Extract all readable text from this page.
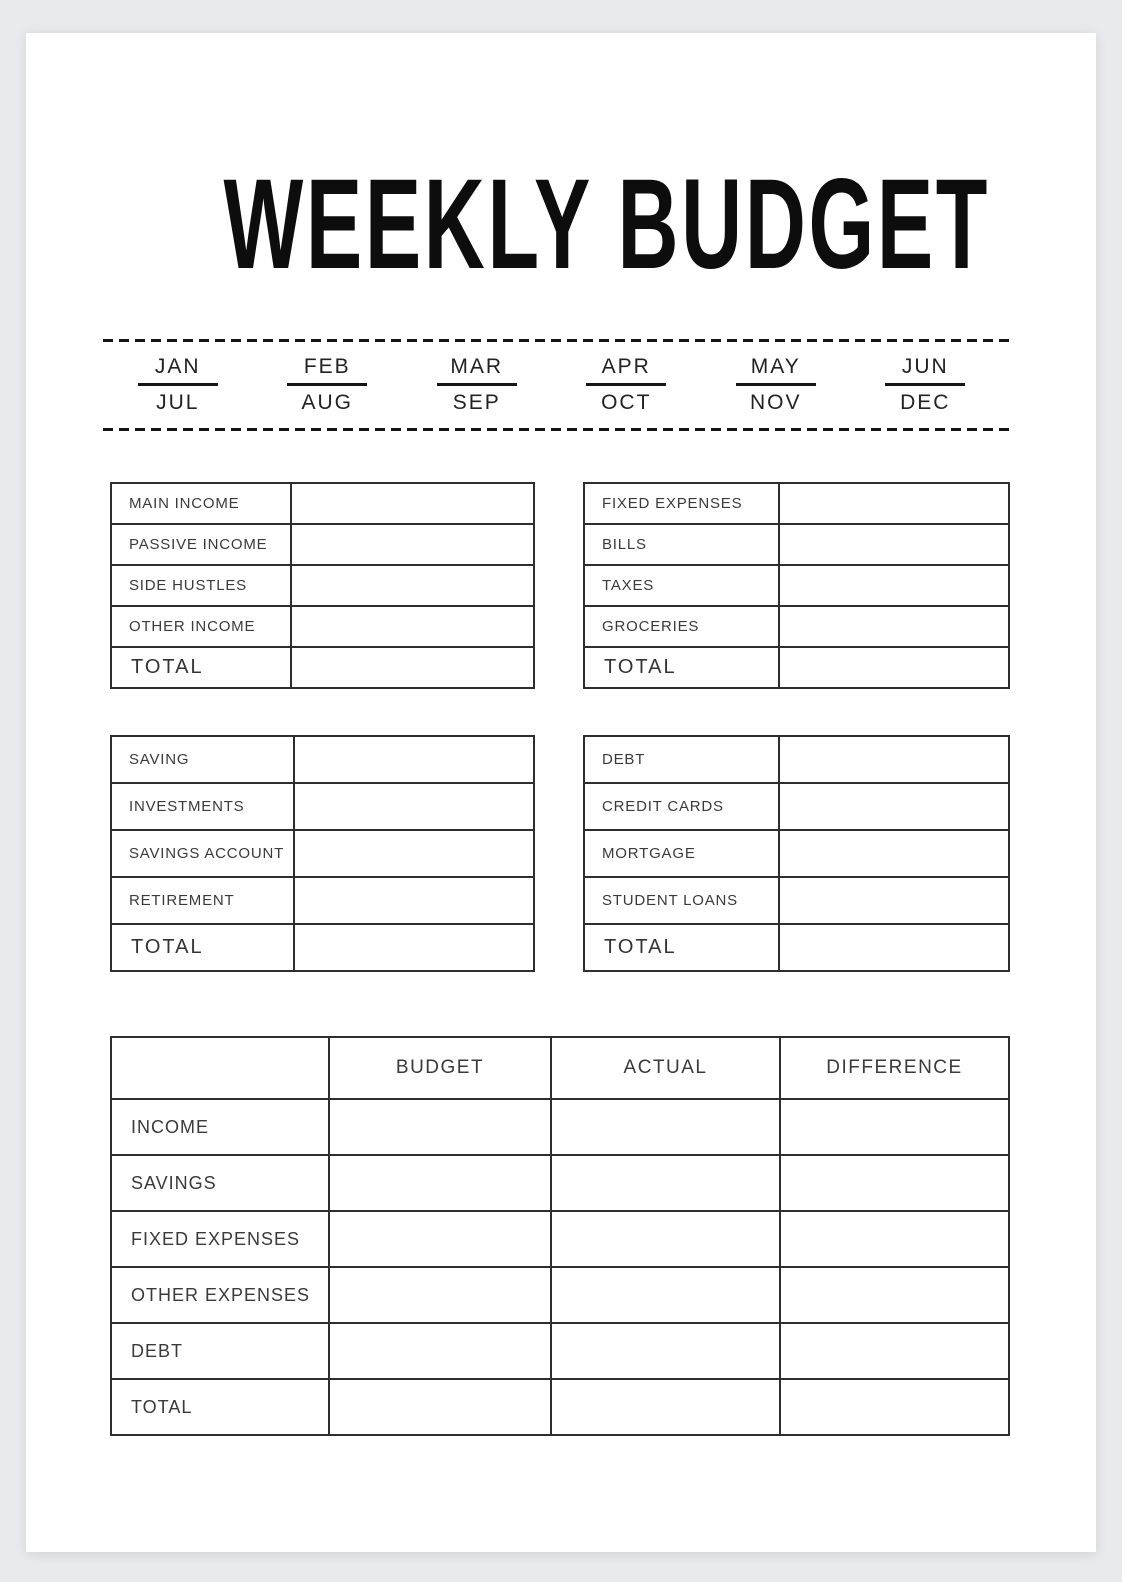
WEEKLY BUDGET
JAN
JUL
FEB
AUG
MAR
SEP
APR
OCT
MAY
NOV
JUN
DEC
MAIN INCOME	
PASSIVE INCOME	
SIDE HUSTLES	
OTHER INCOME	
TOTAL	
FIXED EXPENSES	
BILLS	
TAXES	
GROCERIES	
TOTAL	
SAVING	
INVESTMENTS	
SAVINGS ACCOUNT	
RETIREMENT	
TOTAL	
DEBT	
CREDIT CARDS	
MORTGAGE	
STUDENT LOANS	
TOTAL	
	BUDGET	ACTUAL	DIFFERENCE
INCOME			
SAVINGS			
FIXED EXPENSES			
OTHER EXPENSES			
DEBT			
TOTAL			
